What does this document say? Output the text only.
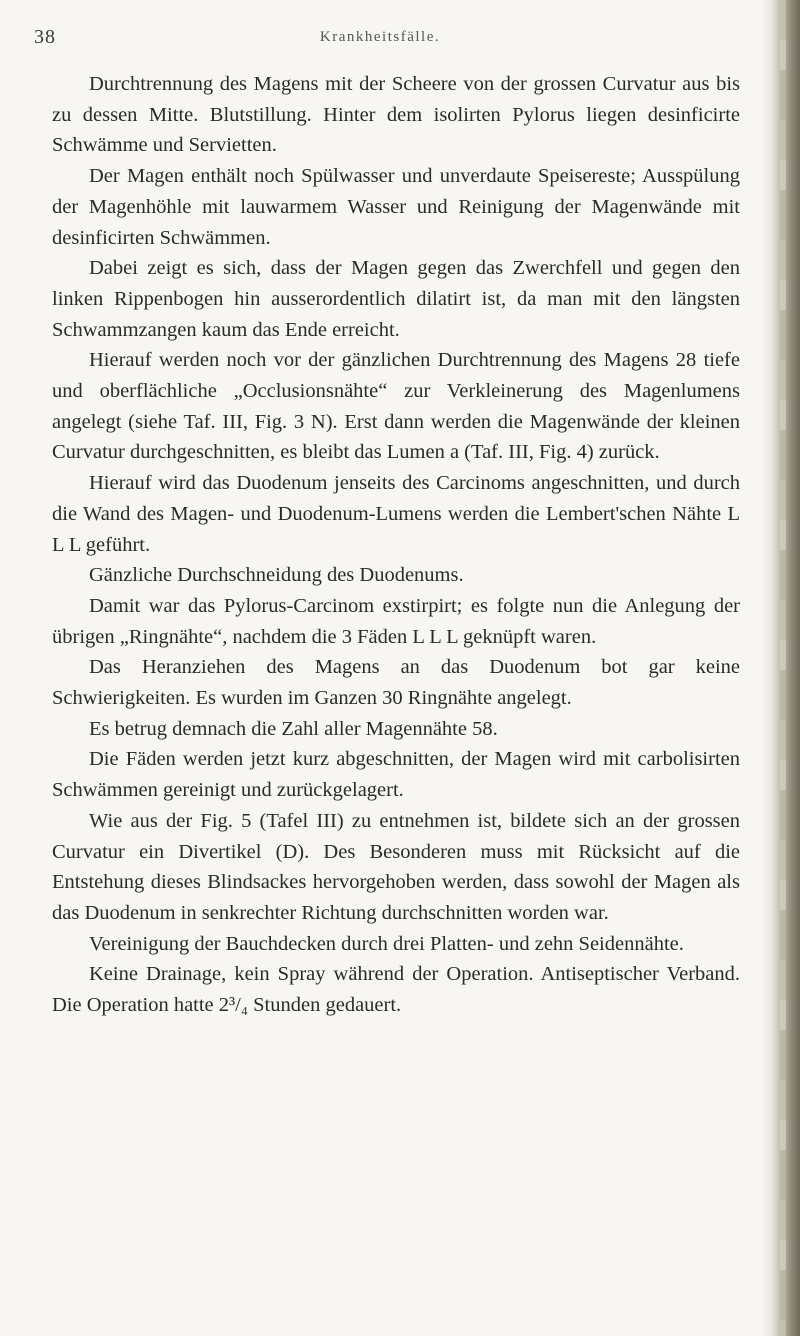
38	Krankheitsfälle.

Durchtrennung des Magens mit der Scheere von der grossen Curvatur aus bis zu dessen Mitte. Blutstillung. Hinter dem isolirten Pylorus liegen desinficirte Schwämme und Servietten.

Der Magen enthält noch Spülwasser und unverdaute Speisereste; Ausspülung der Magenhöhle mit lauwarmem Wasser und Reinigung der Magenwände mit desinficirten Schwämmen.

Dabei zeigt es sich, dass der Magen gegen das Zwerchfell und gegen den linken Rippenbogen hin ausserordentlich dilatirt ist, da man mit den längsten Schwammzangen kaum das Ende erreicht.

Hierauf werden noch vor der gänzlichen Durchtrennung des Magens 28 tiefe und oberflächliche „Occlusionsnähte“ zur Verkleinerung des Magenlumens angelegt (siehe Taf. III, Fig. 3 N). Erst dann werden die Magenwände der kleinen Curvatur durchgeschnitten, es bleibt das Lumen a (Taf. III, Fig. 4) zurück.

Hierauf wird das Duodenum jenseits des Carcinoms angeschnitten, und durch die Wand des Magen- und Duodenum-Lumens werden die Lembert'schen Nähte L L L geführt.

Gänzliche Durchschneidung des Duodenums.

Damit war das Pylorus-Carcinom exstirpirt; es folgte nun die Anlegung der übrigen „Ringnähte“, nachdem die 3 Fäden L L L geknüpft waren.

Das Heranziehen des Magens an das Duodenum bot gar keine Schwierigkeiten. Es wurden im Ganzen 30 Ringnähte angelegt.

Es betrug demnach die Zahl aller Magennähte 58.

Die Fäden werden jetzt kurz abgeschnitten, der Magen wird mit carbolisirten Schwämmen gereinigt und zurückgelagert.

Wie aus der Fig. 5 (Tafel III) zu entnehmen ist, bildete sich an der grossen Curvatur ein Divertikel (D). Des Besonderen muss mit Rücksicht auf die Entstehung dieses Blindsackes hervorgehoben werden, dass sowohl der Magen als das Duodenum in senkrechter Richtung durchschnitten worden war.

Vereinigung der Bauchdecken durch drei Platten- und zehn Seidennähte.

Keine Drainage, kein Spray während der Operation. Antiseptischer Verband. Die Operation hatte 2³/₄ Stunden gedauert.
